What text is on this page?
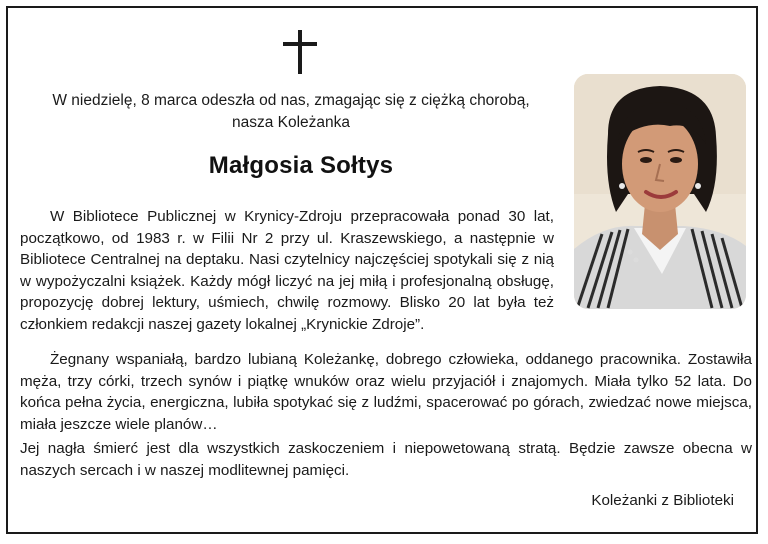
W niedzielę, 8 marca odeszła od nas, zmagając się z ciężką chorobą,
nasza Koleżanka
Małgosia Sołtys
W Bibliotece Publicznej w Krynicy-Zdroju przepracowała ponad 30 lat, początkowo, od 1983 r. w Filii Nr 2 przy ul. Kraszewskiego, a następnie w Bibliotece Centralnej na deptaku. Nasi czytelnicy najczęściej spotykali się z nią w wypożyczalni książek. Każdy mógł liczyć na jej miłą i profesjonalną obsługę, propozycję dobrej lektury, uśmiech, chwilę rozmowy. Blisko 20 lat była też członkiem redakcji naszej gazety lokalnej „Krynickie Zdroje”.
Żegnany wspaniałą, bardzo lubianą Koleżankę, dobrego człowieka, oddanego pracownika. Zostawiła męża, trzy córki, trzech synów i piątkę wnuków oraz wielu przyjaciół i znajomych. Miała tylko 52 lata. Do końca pełna życia, energiczna, lubiła spotykać się z ludźmi, spacerować po górach, zwiedzać nowe miejsca, miała jeszcze wiele planów…
Jej nagła śmierć jest dla wszystkich zaskoczeniem i niepowetowaną stratą. Będzie zawsze obecna w naszych sercach i w naszej modlitewnej pamięci.
Koleżanki z Biblioteki
